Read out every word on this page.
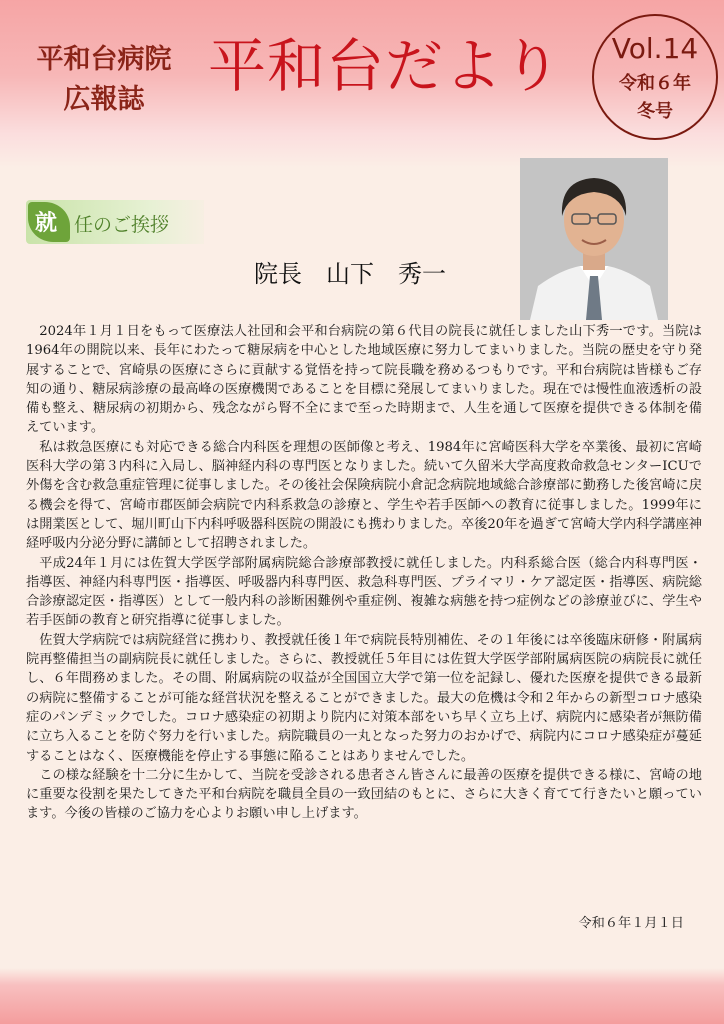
平和台病院
広報誌	平和台だより	Vol.14
令和６年
冬号
就 任のご挨拶
院長　山下　秀一

2024年１月１日をもって医療法人社団和会平和台病院の第６代目の院長に就任しました山下秀一です。当院は1964年の開院以来、長年にわたって糖尿病を中心とした地域医療に努力してまいりました。当院の歴史を守り発展することで、宮崎県の医療にさらに貢献する覚悟を持って院長職を務めるつもりです。平和台病院は皆様もご存知の通り、糖尿病診療の最高峰の医療機関であることを目標に発展してまいりました。現在では慢性血液透析の設備も整え、糖尿病の初期から、残念ながら腎不全にまで至った時期まで、人生を通して医療を提供できる体制を備えています。

私は救急医療にも対応できる総合内科医を理想の医師像と考え、1984年に宮崎医科大学を卒業後、最初に宮崎医科大学の第３内科に入局し、脳神経内科の専門医となりました。続いて久留米大学高度救命救急センターICUで外傷を含む救急重症管理に従事しました。その後社会保険病院小倉記念病院地域総合診療部に勤務した後宮崎に戻る機会を得て、宮崎市郡医師会病院で内科系救急の診療と、学生や若手医師への教育に従事しました。1999年には開業医として、堀川町山下内科呼吸器科医院の開設にも携わりました。卒後20年を過ぎて宮崎大学内科学講座神経呼吸内分泌分野に講師として招聘されました。

平成24年１月には佐賀大学医学部附属病院総合診療部教授に就任しました。内科系総合医（総合内科専門医・指導医、神経内科専門医・指導医、呼吸器内科専門医、救急科専門医、プライマリ・ケア認定医・指導医、病院総合診療認定医・指導医）として一般内科の診断困難例や重症例、複雑な病態を持つ症例などの診療並びに、学生や若手医師の教育と研究指導に従事しました。

佐賀大学病院では病院経営に携わり、教授就任後１年で病院長特別補佐、その１年後には卒後臨床研修・附属病院再整備担当の副病院長に就任しました。さらに、教授就任５年目には佐賀大学医学部附属病医院の病院長に就任し、６年間務めました。その間、附属病院の収益が全国国立大学で第一位を記録し、優れた医療を提供できる最新の病院に整備することが可能な経営状況を整えることができました。最大の危機は令和２年からの新型コロナ感染症のパンデミックでした。コロナ感染症の初期より院内に対策本部をいち早く立ち上げ、病院内に感染者が無防備に立ち入ることを防ぐ努力を行いました。病院職員の一丸となった努力のおかげで、病院内にコロナ感染症が蔓延することはなく、医療機能を停止する事態に陥ることはありませんでした。

この様な経験を十二分に生かして、当院を受診される患者さん皆さんに最善の医療を提供できる様に、宮崎の地に重要な役割を果たしてきた平和台病院を職員全員の一致団結のもとに、さらに大きく育てて行きたいと願っています。今後の皆様のご協力を心よりお願い申し上げます。

令和６年１月１日
